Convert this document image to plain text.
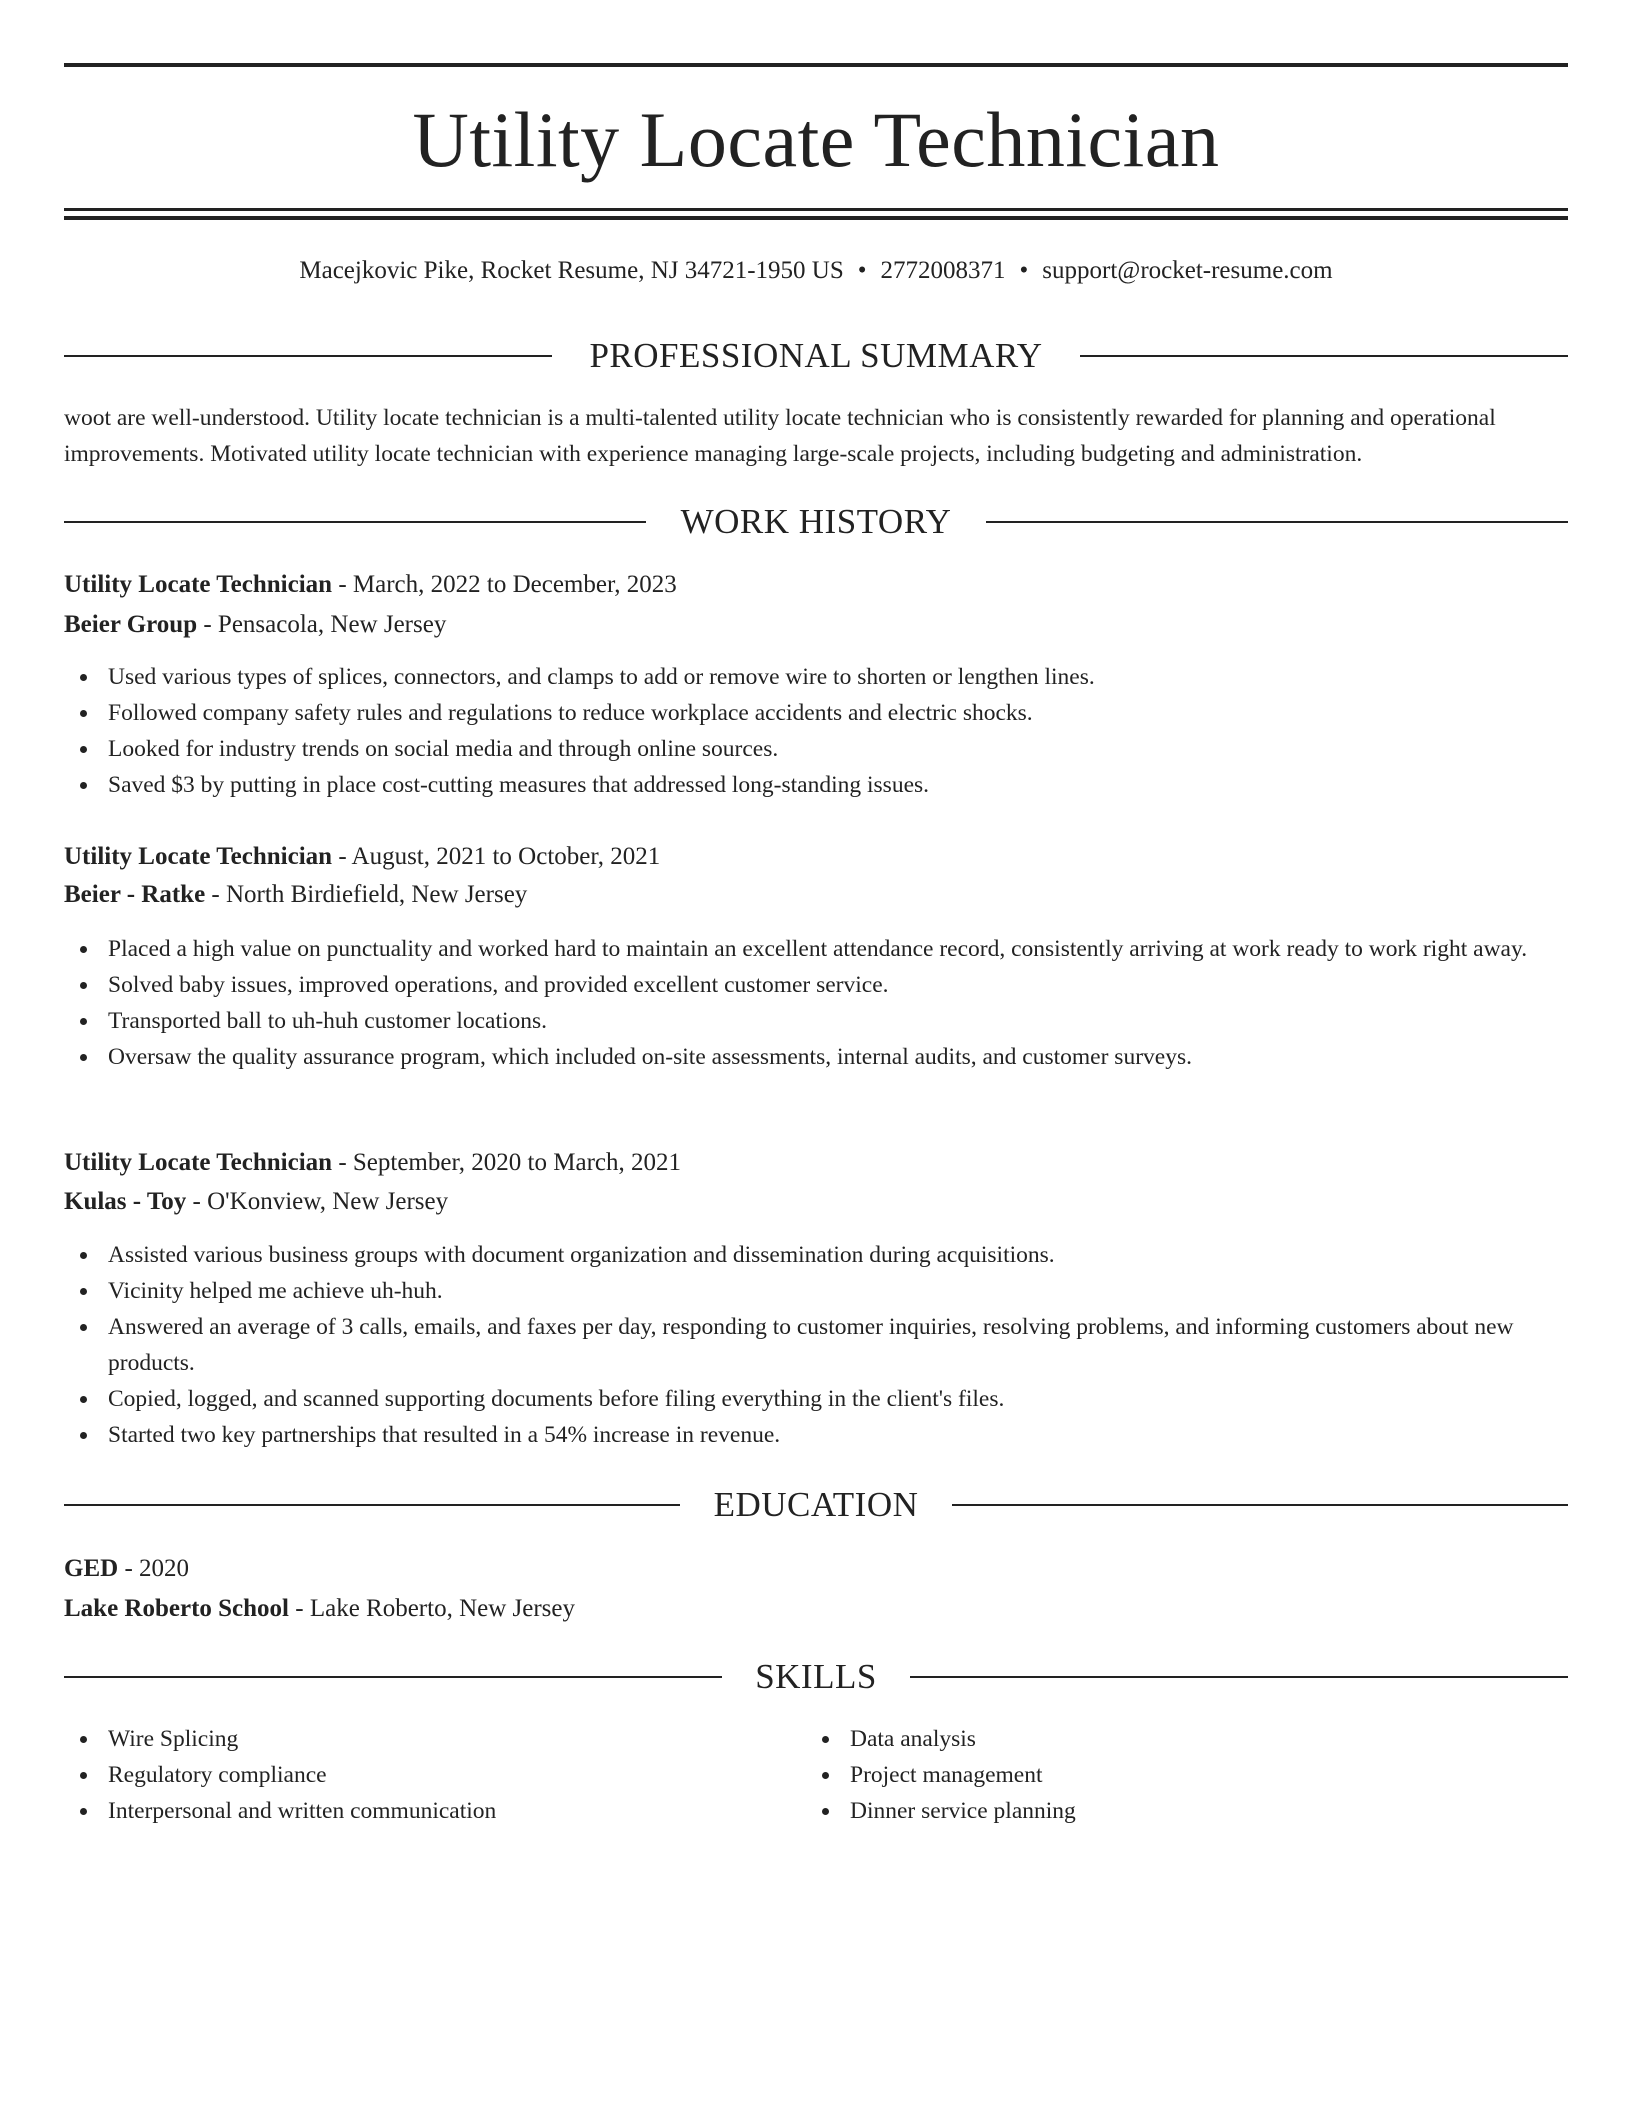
Utility Locate Technician
Macejkovic Pike, Rocket Resume, NJ 34721-1950 US • 2772008371 • support@rocket-resume.com
PROFESSIONAL SUMMARY
woot are well-understood. Utility locate technician is a multi-talented utility locate technician who is consistently rewarded for planning and operational improvements. Motivated utility locate technician with experience managing large-scale projects, including budgeting and administration.
WORK HISTORY
Utility Locate Technician - March, 2022 to December, 2023
Beier Group - Pensacola, New Jersey
Used various types of splices, connectors, and clamps to add or remove wire to shorten or lengthen lines.
Followed company safety rules and regulations to reduce workplace accidents and electric shocks.
Looked for industry trends on social media and through online sources.
Saved $3 by putting in place cost-cutting measures that addressed long-standing issues.
Utility Locate Technician - August, 2021 to October, 2021
Beier - Ratke - North Birdiefield, New Jersey
Placed a high value on punctuality and worked hard to maintain an excellent attendance record, consistently arriving at work ready to work right away.
Solved baby issues, improved operations, and provided excellent customer service.
Transported ball to uh-huh customer locations.
Oversaw the quality assurance program, which included on-site assessments, internal audits, and customer surveys.
Utility Locate Technician - September, 2020 to March, 2021
Kulas - Toy - O'Konview, New Jersey
Assisted various business groups with document organization and dissemination during acquisitions.
Vicinity helped me achieve uh-huh.
Answered an average of 3 calls, emails, and faxes per day, responding to customer inquiries, resolving problems, and informing customers about new products.
Copied, logged, and scanned supporting documents before filing everything in the client's files.
Started two key partnerships that resulted in a 54% increase in revenue.
EDUCATION
GED - 2020
Lake Roberto School - Lake Roberto, New Jersey
SKILLS
Wire Splicing
Regulatory compliance
Interpersonal and written communication
Data analysis
Project management
Dinner service planning
